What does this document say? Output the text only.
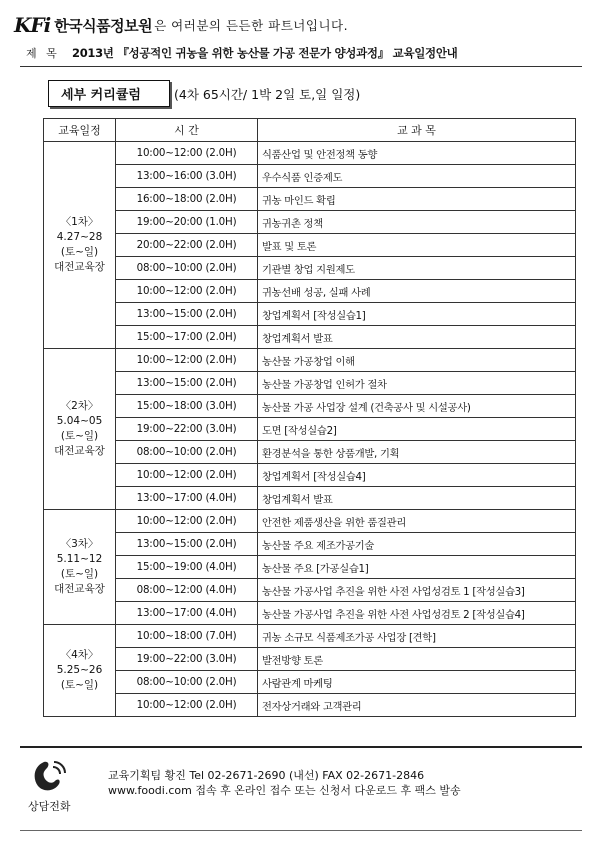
KFi 한국식품정보원 은 여러분의 든든한 파트너입니다.
제 목	2013년 『성공적인 귀농을 위한 농산물 가공 전문가 양성과정』 교육일정안내
세부 커리큘럼	(4차 65시간/ 1박 2일 토,일 일정)
교육일정	시 간	교 과 목

〈1차〉
4.27~28
(토~일)
대전교육장	10:00~12:00 (2.0H)	식품산업 및 안전정책 동향
	13:00~16:00 (3.0H)	우수식품 인증제도
	16:00~18:00 (2.0H)	귀농 마인드 확립
	19:00~20:00 (1.0H)	귀농귀촌 정책
	20:00~22:00 (2.0H)	발표 및 토론
	08:00~10:00 (2.0H)	기관별 창업 지원제도
	10:00~12:00 (2.0H)	귀농선배 성공, 실패 사례
	13:00~15:00 (2.0H)	창업계획서 [작성실습1]
	15:00~17:00 (2.0H)	창업계획서 발표

〈2차〉
5.04~05
(토~일)
대전교육장	10:00~12:00 (2.0H)	농산물 가공창업 이해
	13:00~15:00 (2.0H)	농산물 가공창업 인허가 절차
	15:00~18:00 (3.0H)	농산물 가공 사업장 설계 (건축공사 및 시설공사)
	19:00~22:00 (3.0H)	도면 [작성실습2]
	08:00~10:00 (2.0H)	환경분석을 통한 상품개발, 기획
	10:00~12:00 (2.0H)	창업계획서 [작성실습4]
	13:00~17:00 (4.0H)	창업계획서 발표

〈3차〉
5.11~12
(토~일)
대전교육장	10:00~12:00 (2.0H)	안전한 제품생산을 위한 품질관리
	13:00~15:00 (2.0H)	농산물 주요 제조가공기술
	15:00~19:00 (4.0H)	농산물 주요 [가공실습1]
	08:00~12:00 (4.0H)	농산물 가공사업 추진을 위한 사전 사업성검토 1 [작성실습3]
	13:00~17:00 (4.0H)	농산물 가공사업 추진을 위한 사전 사업성검토 2 [작성실습4]

〈4차〉
5.25~26
(토~일)	10:00~18:00 (7.0H)	귀농 소규모 식품제조가공 사업장 [견학]
	19:00~22:00 (3.0H)	발전방향 토론
	08:00~10:00 (2.0H)	사람관계 마케팅
	10:00~12:00 (2.0H)	전자상거래와 고객관리
상담전화
교육기획팀 황진 Tel 02-2671-2690 (내선) FAX 02-2671-2846
www.foodi.com 접속 후 온라인 접수 또는 신청서 다운로드 후 팩스 발송
